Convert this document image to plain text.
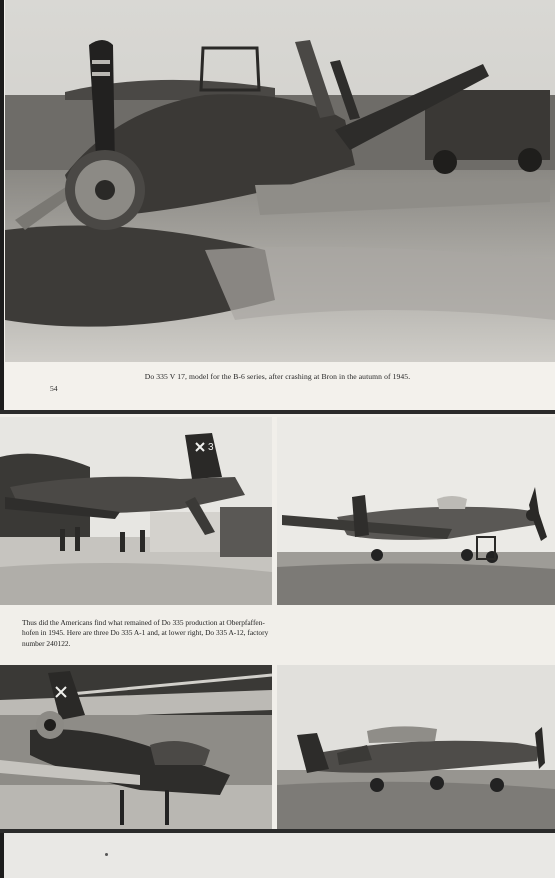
Do 335 V 17, model for the B-6 series, after crashing at Bron in the autumn of 1945.
54
3
Thus did the Americans find what remained of Do 335 production at Oberpfaffen-
hofen in 1945. Here are three Do 335 A-1 and, at lower right, Do 335 A-12, factory
number 240122.
